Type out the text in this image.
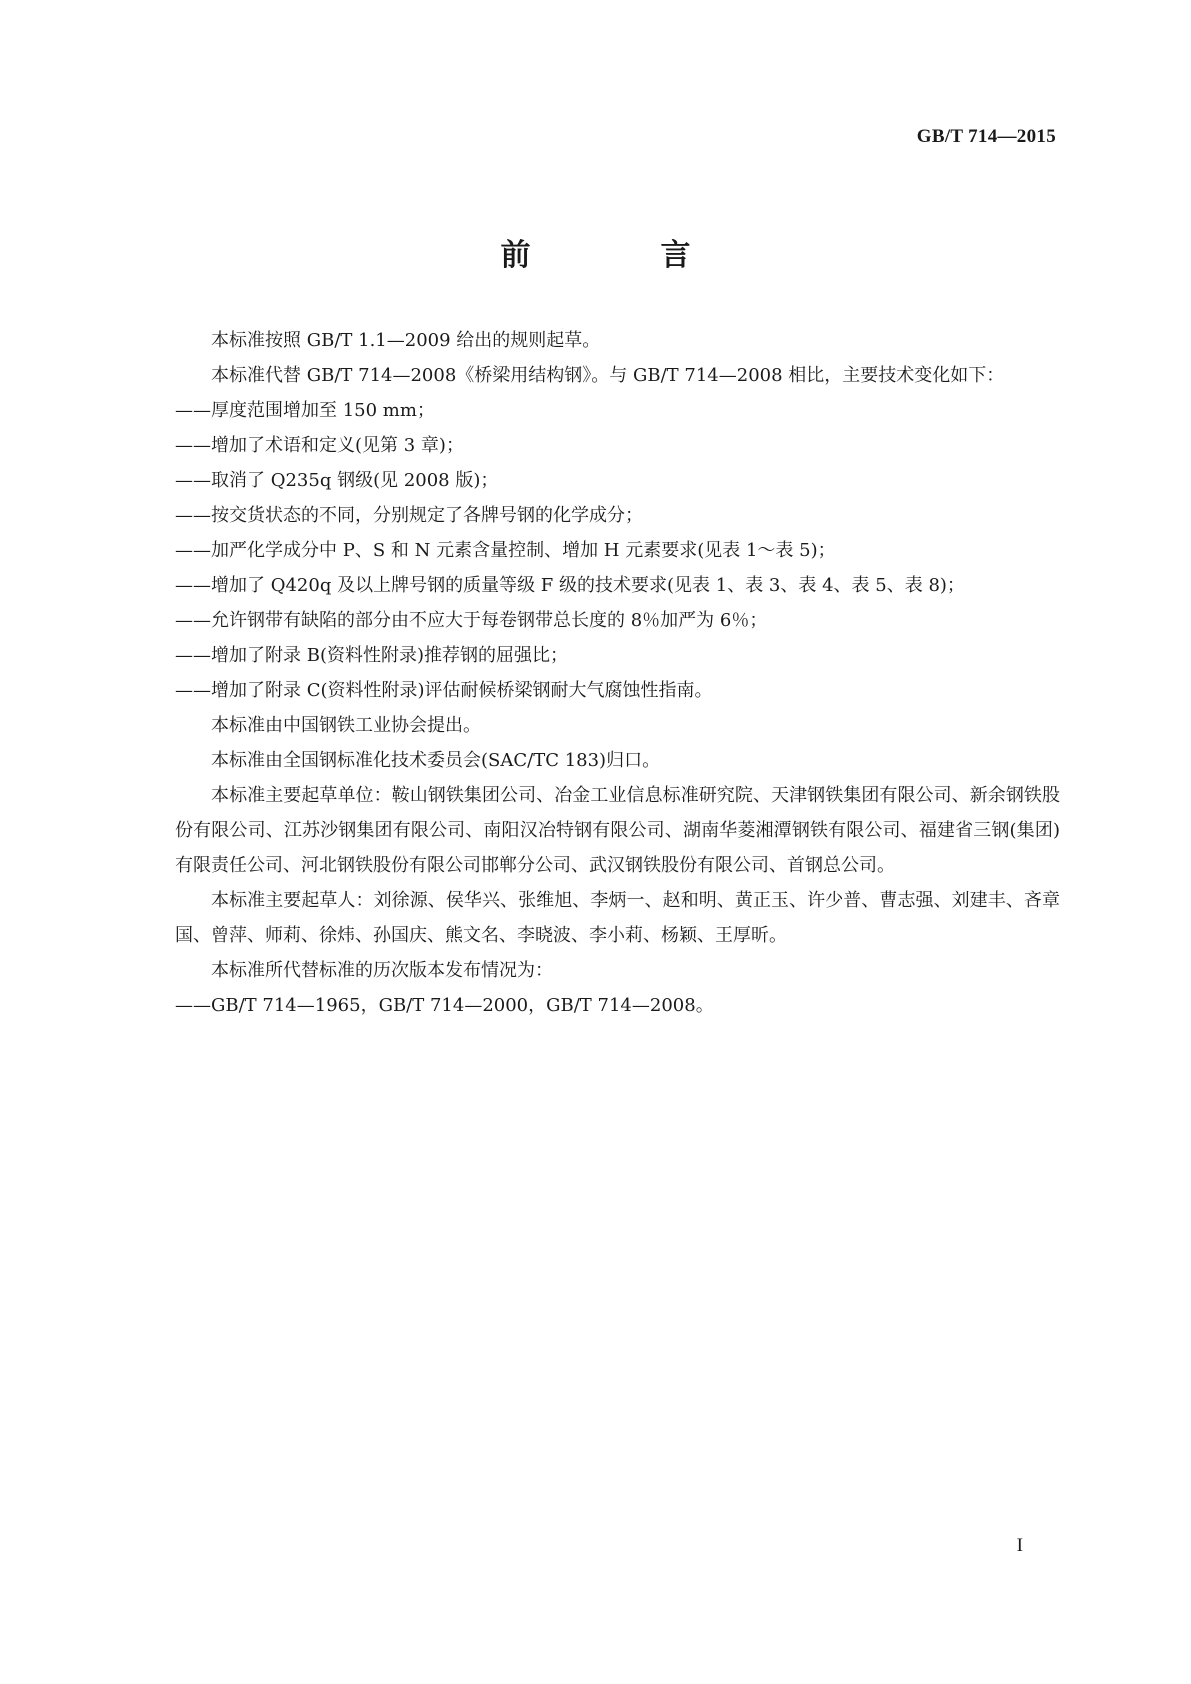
GB/T 714—2015
前　言

本标准按照 GB/T 1.1—2009 给出的规则起草。

本标准代替 GB/T 714—2008《桥梁用结构钢》。与 GB/T 714—2008 相比，主要技术变化如下：

——厚度范围增加至 150 mm；

——增加了术语和定义(见第 3 章)；

——取消了 Q235q 钢级(见 2008 版)；

——按交货状态的不同，分别规定了各牌号钢的化学成分；

——加严化学成分中 P、S 和 N 元素含量控制、增加 H 元素要求(见表 1～表 5)；

——增加了 Q420q 及以上牌号钢的质量等级 F 级的技术要求(见表 1、表 3、表 4、表 5、表 8)；

——允许钢带有缺陷的部分由不应大于每卷钢带总长度的 8％加严为 6％；

——增加了附录 B(资料性附录)推荐钢的屈强比；

——增加了附录 C(资料性附录)评估耐候桥梁钢耐大气腐蚀性指南。

本标准由中国钢铁工业协会提出。

本标准由全国钢标准化技术委员会(SAC/TC 183)归口。

本标准主要起草单位：鞍山钢铁集团公司、冶金工业信息标准研究院、天津钢铁集团有限公司、新余钢铁股份有限公司、江苏沙钢集团有限公司、南阳汉冶特钢有限公司、湖南华菱湘潭钢铁有限公司、福建省三钢(集团)有限责任公司、河北钢铁股份有限公司邯郸分公司、武汉钢铁股份有限公司、首钢总公司。

本标准主要起草人：刘徐源、侯华兴、张维旭、李炳一、赵和明、黄正玉、许少普、曹志强、刘建丰、吝章国、曾萍、师莉、徐炜、孙国庆、熊文名、李晓波、李小莉、杨颖、王厚昕。

本标准所代替标准的历次版本发布情况为：

——GB/T 714—1965，GB/T 714—2000，GB/T 714—2008。

I
